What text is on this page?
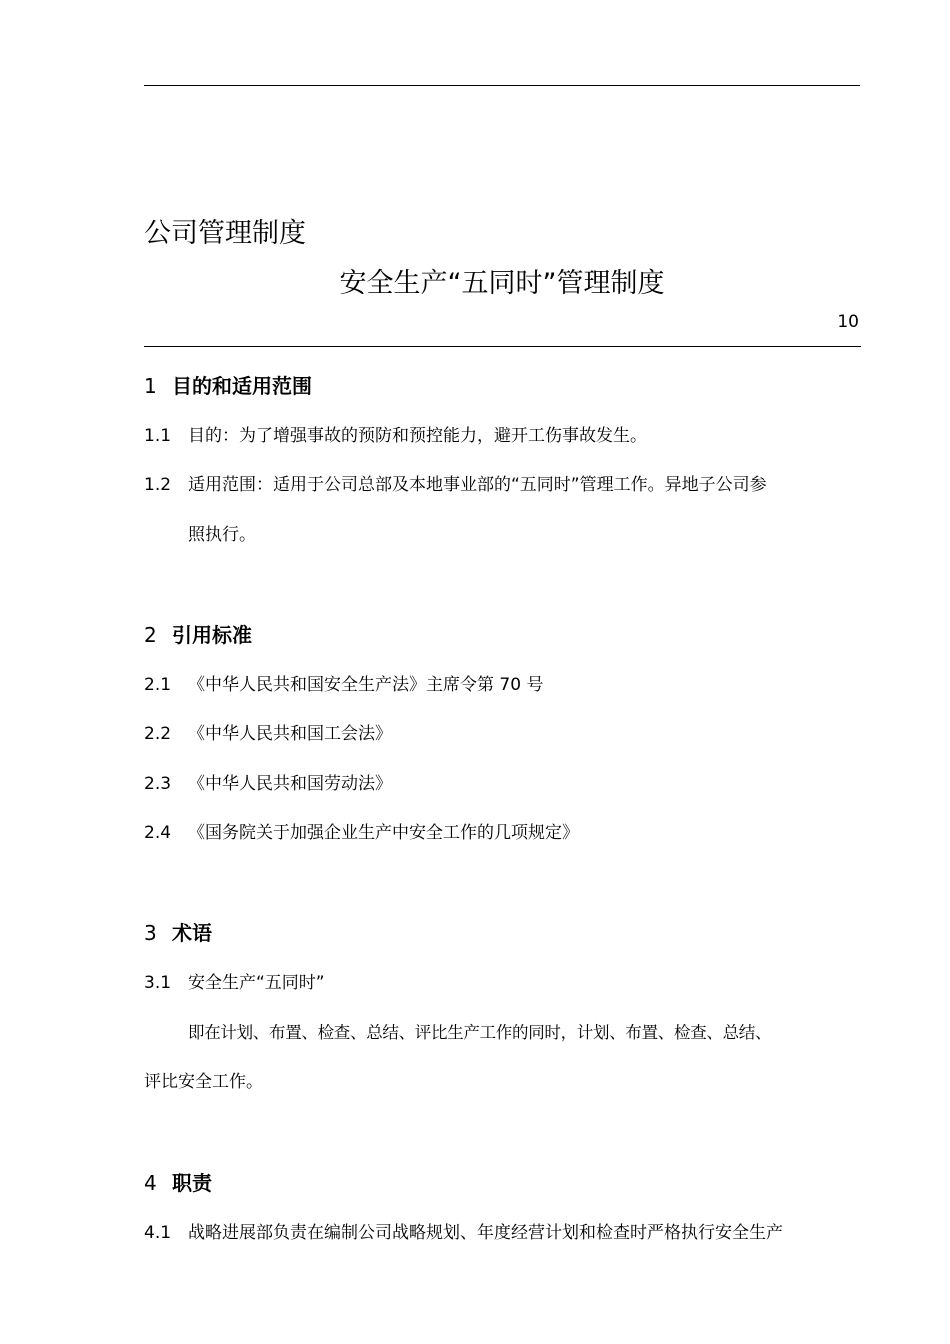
公司管理制度
安全生产“五同时”管理制度
10
1 目的和适用范围
1.1 目的：为了增强事故的预防和预控能力，避开工伤事故发生。
1.2 适用范围：适用于公司总部及本地事业部的“五同时”管理工作。异地子公司参
照执行。
2 引用标准
2.1 《中华人民共和国安全生产法》主席令第 70 号
2.2 《中华人民共和国工会法》
2.3 《中华人民共和国劳动法》
2.4 《国务院关于加强企业生产中安全工作的几项规定》
3 术语
3.1 安全生产“五同时”
即在计划、布置、检查、总结、评比生产工作的同时，计划、布置、检查、总结、
评比安全工作。
4 职责
4.1 战略进展部负责在编制公司战略规划、年度经营计划和检查时严格执行安全生产
